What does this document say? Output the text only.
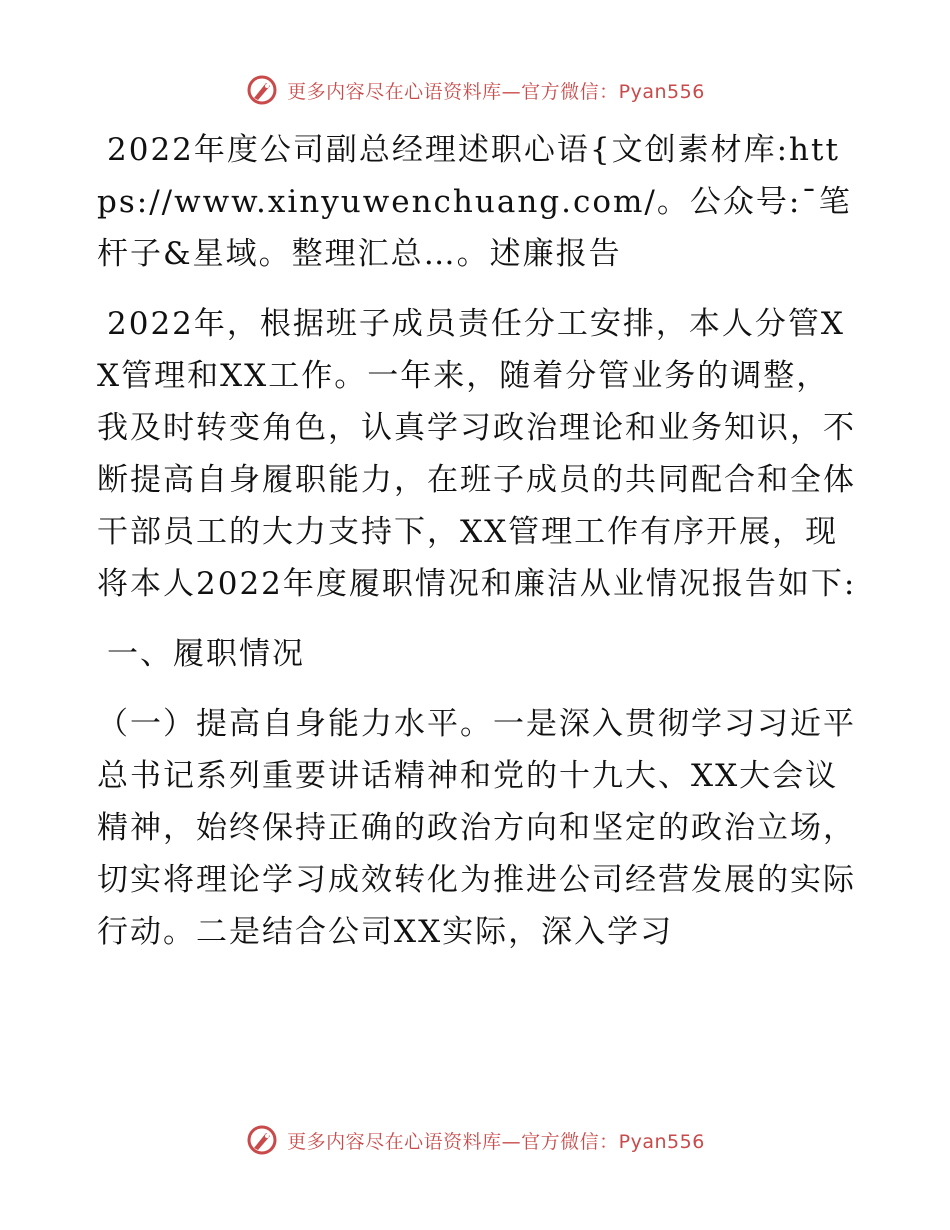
更多内容尽在心语资料库—官方微信：Pyan556

2022年度公司副总经理述职心语{文创素材库:https://www.xinyuwenchuang.com/。公众号:¯笔杆子&星域。整理汇总…。述廉报告

2022年，根据班子成员责任分工安排，本人分管XX管理和XX工作。一年来，随着分管业务的调整，我及时转变角色，认真学习政治理论和业务知识，不断提高自身履职能力，在班子成员的共同配合和全体干部员工的大力支持下，XX管理工作有序开展，现将本人2022年度履职情况和廉洁从业情况报告如下:

一、履职情况

（一）提高自身能力水平。一是深入贯彻学习习近平总书记系列重要讲话精神和党的十九大、XX大会议精神，始终保持正确的政治方向和坚定的政治立场，切实将理论学习成效转化为推进公司经营发展的实际行动。二是结合公司XX实际，深入学习

更多内容尽在心语资料库—官方微信：Pyan556
